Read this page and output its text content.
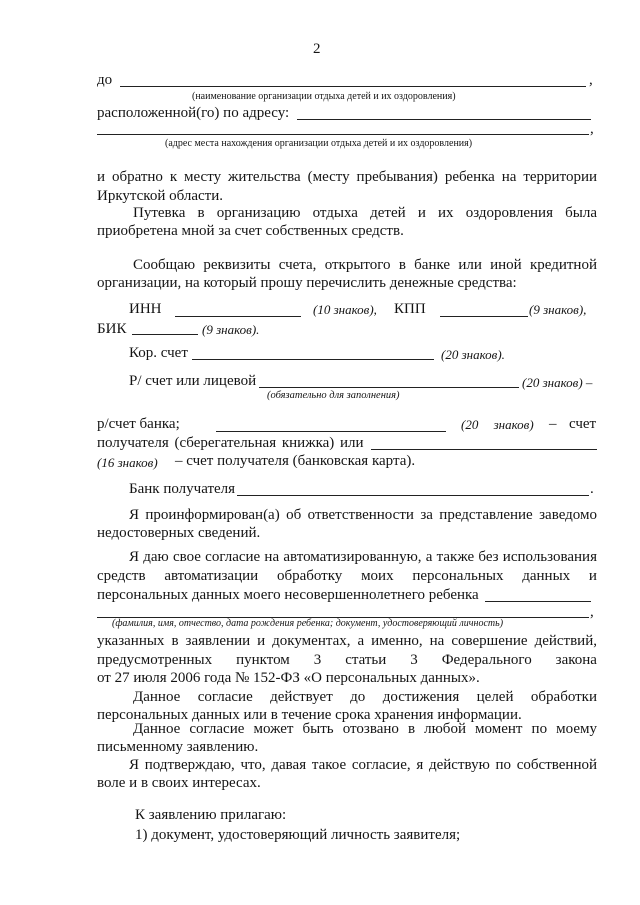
2
до	,
(наименование организации отдыха детей и их оздоровления)
расположенной(го) по адресу:
,
(адрес места нахождения организации отдыха детей и их оздоровления)
и обратно к месту жительства (месту пребывания) ребенка на территории
Иркутской области.
Путевка в организацию отдыха детей и их оздоровления была
приобретена мной за счет собственных средств.
Сообщаю реквизиты счета, открытого в банке или иной кредитной
организации, на который прошу перечислить денежные средства:
ИНН	(10 знаков), КПП	(9 знаков),
БИК	(9 знаков).
Кор. счет	(20 знаков).
Р/ счет или лицевой	(20 знаков) –
(обязательно для заполнения)
р/счет банка;	(20 знаков) – счет
получателя (сберегательная книжка) или
(16 знаков) – счет получателя (банковская карта).
Банк получателя	.
Я проинформирован(а) об ответственности за представление заведомо
недостоверных сведений.
Я даю свое согласие на автоматизированную, а также без использования
средств автоматизации обработку моих персональных данных и
персональных данных моего несовершеннолетнего ребенка
,
(фамилия, имя, отчество, дата рождения ребенка; документ, удостоверяющий личность)
указанных в заявлении и документах, а именно, на совершение действий,
предусмотренных пунктом 3 статьи 3 Федерального закона
от 27 июля 2006 года № 152-ФЗ «О персональных данных».
Данное согласие действует до достижения целей обработки
персональных данных или в течение срока хранения информации.
Данное согласие может быть отозвано в любой момент по моему
письменному заявлению.
Я подтверждаю, что, давая такое согласие, я действую по собственной
воле и в своих интересах.
К заявлению прилагаю:
1) документ, удостоверяющий личность заявителя;
